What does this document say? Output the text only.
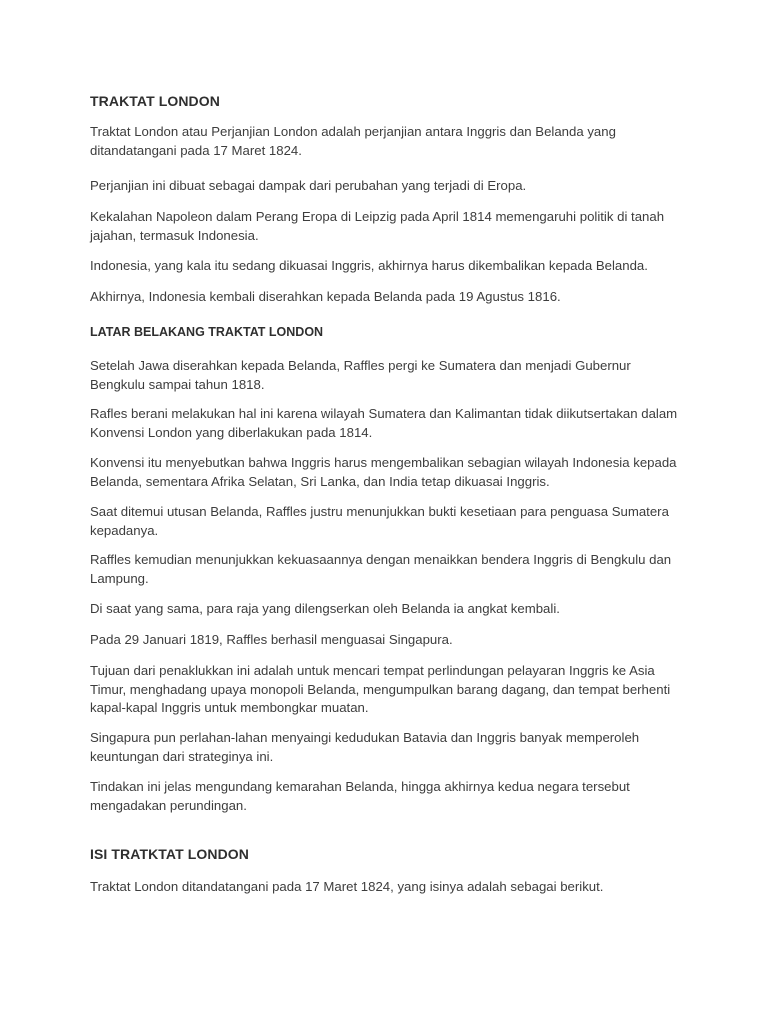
TRAKTAT LONDON

Traktat London atau Perjanjian London adalah perjanjian antara Inggris dan Belanda yang
ditandatangani pada 17 Maret 1824.

Perjanjian ini dibuat sebagai dampak dari perubahan yang terjadi di Eropa.

Kekalahan Napoleon dalam Perang Eropa di Leipzig pada April 1814 memengaruhi politik di tanah
jajahan, termasuk Indonesia.

Indonesia, yang kala itu sedang dikuasai Inggris, akhirnya harus dikembalikan kepada Belanda.

Akhirnya, Indonesia kembali diserahkan kepada Belanda pada 19 Agustus 1816.

LATAR BELAKANG TRAKTAT LONDON

Setelah Jawa diserahkan kepada Belanda, Raffles pergi ke Sumatera dan menjadi Gubernur
Bengkulu sampai tahun 1818.

Rafles berani melakukan hal ini karena wilayah Sumatera dan Kalimantan tidak diikutsertakan dalam
Konvensi London yang diberlakukan pada 1814.

Konvensi itu menyebutkan bahwa Inggris harus mengembalikan sebagian wilayah Indonesia kepada
Belanda, sementara Afrika Selatan, Sri Lanka, dan India tetap dikuasai Inggris.

Saat ditemui utusan Belanda, Raffles justru menunjukkan bukti kesetiaan para penguasa Sumatera
kepadanya.

Raffles kemudian menunjukkan kekuasaannya dengan menaikkan bendera Inggris di Bengkulu dan
Lampung.

Di saat yang sama, para raja yang dilengserkan oleh Belanda ia angkat kembali.

Pada 29 Januari 1819, Raffles berhasil menguasai Singapura.

Tujuan dari penaklukkan ini adalah untuk mencari tempat perlindungan pelayaran Inggris ke Asia
Timur, menghadang upaya monopoli Belanda, mengumpulkan barang dagang, dan tempat berhenti
kapal-kapal Inggris untuk membongkar muatan.

Singapura pun perlahan-lahan menyaingi kedudukan Batavia dan Inggris banyak memperoleh
keuntungan dari strateginya ini.

Tindakan ini jelas mengundang kemarahan Belanda, hingga akhirnya kedua negara tersebut
mengadakan perundingan.

ISI TRATKTAT LONDON

Traktat London ditandatangani pada 17 Maret 1824, yang isinya adalah sebagai berikut.
